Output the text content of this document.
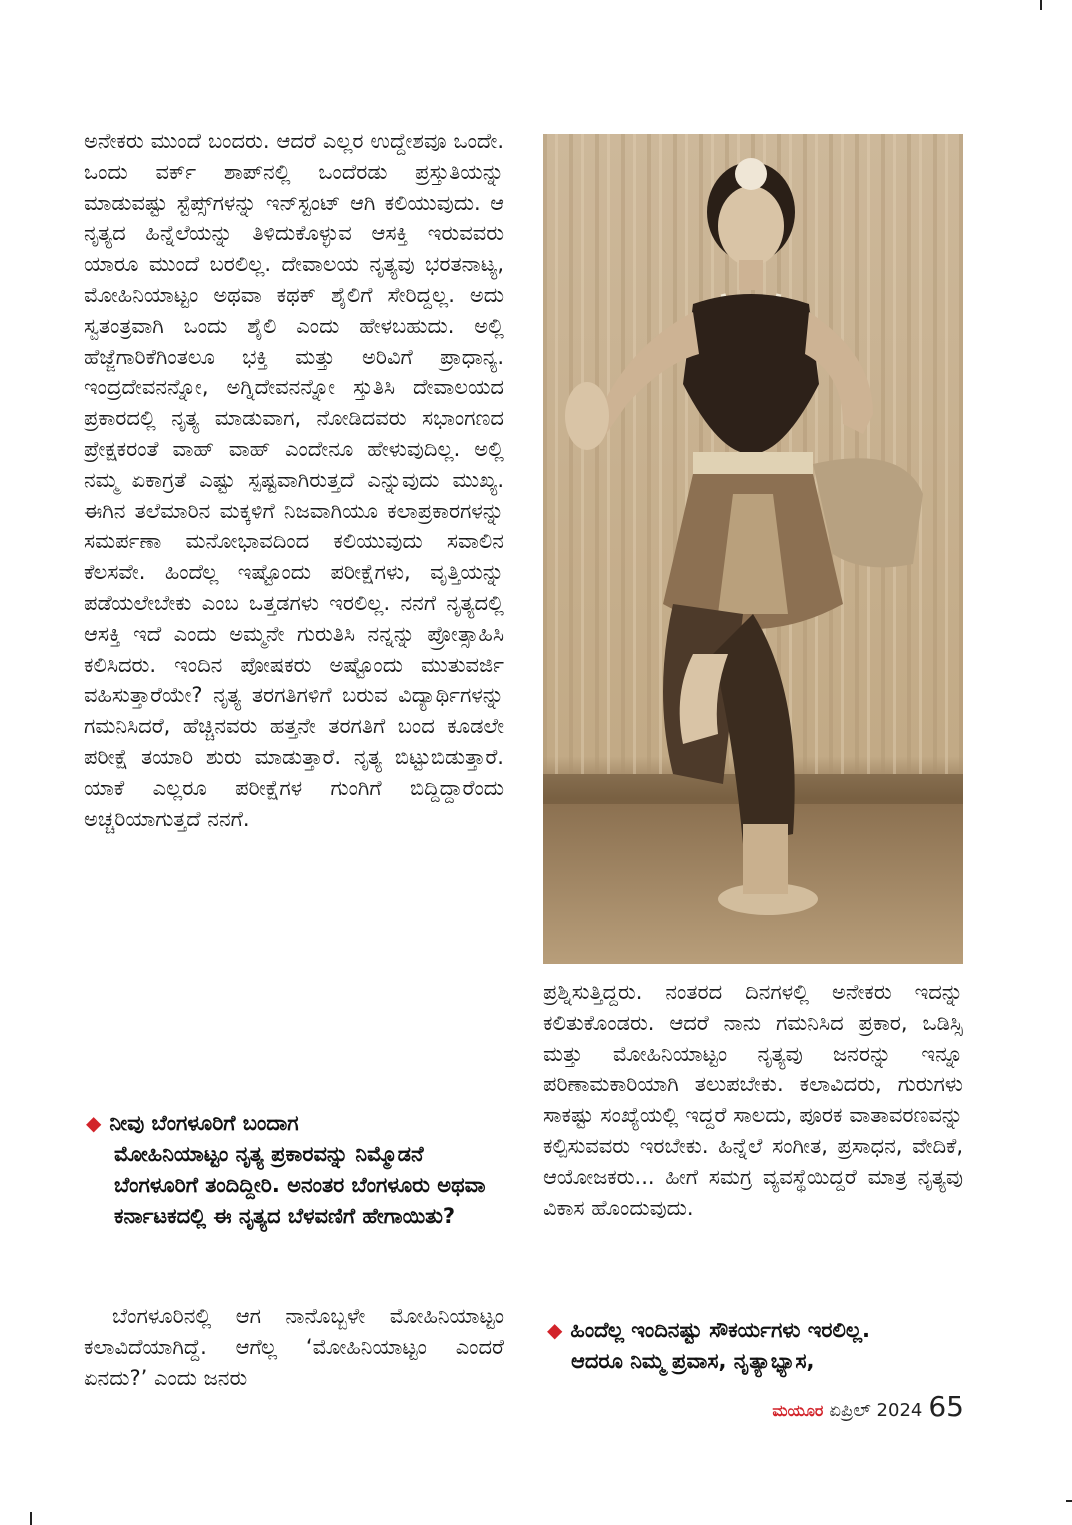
ಅನೇಕರು ಮುಂದೆ ಬಂದರು. ಆದರೆ ಎಲ್ಲರ ಉದ್ದೇಶವೂ ಒಂದೇ. ಒಂದು ವರ್ಕ್ ಶಾಪ್‌ನಲ್ಲಿ ಒಂದೆರಡು ಪ್ರಸ್ತುತಿಯನ್ನು ಮಾಡುವಷ್ಟು ಸ್ಟೆಪ್ಸ್‌ಗಳನ್ನು ಇನ್‌ಸ್ಟಂಟ್ ಆಗಿ ಕಲಿಯುವುದು. ಆ ನೃತ್ಯದ ಹಿನ್ನೆಲೆಯನ್ನು ತಿಳಿದುಕೊಳ್ಳುವ ಆಸಕ್ತಿ ಇರುವವರು ಯಾರೂ ಮುಂದೆ ಬರಲಿಲ್ಲ. ದೇವಾಲಯ ನೃತ್ಯವು ಭರತನಾಟ್ಯ, ಮೋಹಿನಿಯಾಟ್ಟಂ ಅಥವಾ ಕಥಕ್ ಶೈಲಿಗೆ ಸೇರಿದ್ದಲ್ಲ. ಅದು ಸ್ವತಂತ್ರವಾಗಿ ಒಂದು ಶೈಲಿ ಎಂದು ಹೇಳಬಹುದು. ಅಲ್ಲಿ ಹೆಜ್ಜೆಗಾರಿಕೆಗಿಂತಲೂ ಭಕ್ತಿ ಮತ್ತು ಅರಿವಿಗೆ ಪ್ರಾಧಾನ್ಯ. ಇಂದ್ರದೇವನನ್ನೋ, ಅಗ್ನಿದೇವನನ್ನೋ ಸ್ತುತಿಸಿ ದೇವಾಲಯದ ಪ್ರಕಾರದಲ್ಲಿ ನೃತ್ಯ ಮಾಡುವಾಗ, ನೋಡಿದವರು ಸಭಾಂಗಣದ ಪ್ರೇಕ್ಷಕರಂತೆ ವಾಹ್ ವಾಹ್ ಎಂದೇನೂ ಹೇಳುವುದಿಲ್ಲ. ಅಲ್ಲಿ ನಮ್ಮ ಏಕಾಗ್ರತೆ ಎಷ್ಟು ಸ್ಪಷ್ಟವಾಗಿರುತ್ತದೆ ಎನ್ನುವುದು ಮುಖ್ಯ. ಈಗಿನ ತಲೆಮಾರಿನ ಮಕ್ಕಳಿಗೆ ನಿಜವಾಗಿಯೂ ಕಲಾಪ್ರಕಾರಗಳನ್ನು ಸಮರ್ಪಣಾ ಮನೋಭಾವದಿಂದ ಕಲಿಯುವುದು ಸವಾಲಿನ ಕೆಲಸವೇ. ಹಿಂದೆಲ್ಲ ಇಷ್ಟೊಂದು ಪರೀಕ್ಷೆಗಳು, ವೃತ್ತಿಯನ್ನು ಪಡೆಯಲೇಬೇಕು ಎಂಬ ಒತ್ತಡಗಳು ಇರಲಿಲ್ಲ. ನನಗೆ ನೃತ್ಯದಲ್ಲಿ ಆಸಕ್ತಿ ಇದೆ ಎಂದು ಅಮ್ಮನೇ ಗುರುತಿಸಿ ನನ್ನನ್ನು ಪ್ರೋತ್ಸಾಹಿಸಿ ಕಲಿಸಿದರು. ಇಂದಿನ ಪೋಷಕರು ಅಷ್ಟೊಂದು ಮುತುವರ್ಜಿ ವಹಿಸುತ್ತಾರೆಯೇ? ನೃತ್ಯ ತರಗತಿಗಳಿಗೆ ಬರುವ ವಿದ್ಯಾರ್ಥಿಗಳನ್ನು ಗಮನಿಸಿದರೆ, ಹೆಚ್ಚಿನವರು ಹತ್ತನೇ ತರಗತಿಗೆ ಬಂದ ಕೂಡಲೇ ಪರೀಕ್ಷೆ ತಯಾರಿ ಶುರು ಮಾಡುತ್ತಾರೆ. ನೃತ್ಯ ಬಿಟ್ಟುಬಿಡುತ್ತಾರೆ. ಯಾಕೆ ಎಲ್ಲರೂ ಪರೀಕ್ಷೆಗಳ ಗುಂಗಿಗೆ ಬಿದ್ದಿದ್ದಾರೆಂದು ಅಚ್ಚರಿಯಾಗುತ್ತದೆ ನನಗೆ.

◆ ನೀವು ಬೆಂಗಳೂರಿಗೆ ಬಂದಾಗ
ಮೋಹಿನಿಯಾಟ್ಟಂ ನೃತ್ಯ ಪ್ರಕಾರವನ್ನು ನಿಮ್ಮೊಡನೆ ಬೆಂಗಳೂರಿಗೆ ತಂದಿದ್ದೀರಿ. ಅನಂತರ ಬೆಂಗಳೂರು ಅಥವಾ ಕರ್ನಾಟಕದಲ್ಲಿ ಈ ನೃತ್ಯದ ಬೆಳವಣಿಗೆ ಹೇಗಾಯಿತು?

ಬೆಂಗಳೂರಿನಲ್ಲಿ ಆಗ ನಾನೊಬ್ಬಳೇ ಮೋಹಿನಿಯಾಟ್ಟಂ ಕಲಾವಿದೆಯಾಗಿದ್ದೆ. ಆಗೆಲ್ಲ ‘ಮೋಹಿನಿಯಾಟ್ಟಂ ಎಂದರೆ ಏನದು?’ ಎಂದು ಜನರು

ಪ್ರಶ್ನಿಸುತ್ತಿದ್ದರು. ನಂತರದ ದಿನಗಳಲ್ಲಿ ಅನೇಕರು ಇದನ್ನು ಕಲಿತುಕೊಂಡರು. ಆದರೆ ನಾನು ಗಮನಿಸಿದ ಪ್ರಕಾರ, ಒಡಿಸ್ಸಿ ಮತ್ತು ಮೋಹಿನಿಯಾಟ್ಟಂ ನೃತ್ಯವು ಜನರನ್ನು ಇನ್ನೂ ಪರಿಣಾಮಕಾರಿಯಾಗಿ ತಲುಪಬೇಕು. ಕಲಾವಿದರು, ಗುರುಗಳು ಸಾಕಷ್ಟು ಸಂಖ್ಯೆಯಲ್ಲಿ ಇದ್ದರೆ ಸಾಲದು, ಪೂರಕ ವಾತಾವರಣವನ್ನು ಕಲ್ಪಿಸುವವರು ಇರಬೇಕು. ಹಿನ್ನೆಲೆ ಸಂಗೀತ, ಪ್ರಸಾಧನ, ವೇದಿಕೆ, ಆಯೋಜಕರು... ಹೀಗೆ ಸಮಗ್ರ ವ್ಯವಸ್ಥೆಯಿದ್ದರೆ ಮಾತ್ರ ನೃತ್ಯವು ವಿಕಾಸ ಹೊಂದುವುದು.

◆ ಹಿಂದೆಲ್ಲ ಇಂದಿನಷ್ಟು ಸೌಕರ್ಯಗಳು ಇರಲಿಲ್ಲ.
ಆದರೂ ನಿಮ್ಮ ಪ್ರವಾಸ, ನೃತ್ಯಾಭ್ಯಾಸ,
ಮಯೂರ ಏಪ್ರಿಲ್ 2024 65
